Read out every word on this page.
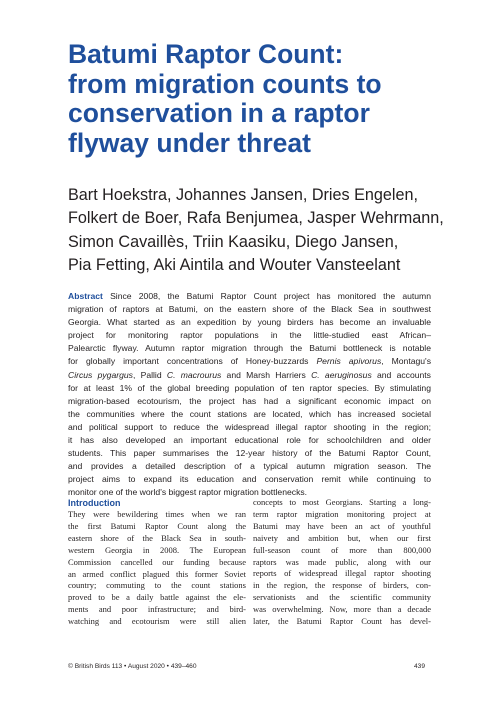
Batumi Raptor Count:
from migration counts to
conservation in a raptor
flyway under threat
Bart Hoekstra, Johannes Jansen, Dries Engelen,
Folkert de Boer, Rafa Benjumea, Jasper Wehrmann,
Simon Cavaillès, Triin Kaasiku, Diego Jansen,
Pia Fetting, Aki Aintila and Wouter Vansteelant
Abstract Since 2008, the Batumi Raptor Count project has monitored the autumn
migration of raptors at Batumi, on the eastern shore of the Black Sea in southwest
Georgia. What started as an expedition by young birders has become an invaluable
project for monitoring raptor populations in the little-studied east African–
Palearctic flyway. Autumn raptor migration through the Batumi bottleneck is notable
for globally important concentrations of Honey-buzzards Pernis apivorus, Montagu's
Circus pygargus, Pallid C. macrourus and Marsh Harriers C. aeruginosus and accounts
for at least 1% of the global breeding population of ten raptor species. By stimulating
migration-based ecotourism, the project has had a significant economic impact on
the communities where the count stations are located, which has increased societal
and political support to reduce the widespread illegal raptor shooting in the region;
it has also developed an important educational role for schoolchildren and older
students. This paper summarises the 12-year history of the Batumi Raptor Count,
and provides a detailed description of a typical autumn migration season. The
project aims to expand its education and conservation remit while continuing to
monitor one of the world's biggest raptor migration bottlenecks.
Introduction
They were bewildering times when we ran
the first Batumi Raptor Count along the
eastern shore of the Black Sea in south-
western Georgia in 2008. The European
Commission cancelled our funding because
an armed conflict plagued this former Soviet
country; commuting to the count stations
proved to be a daily battle against the ele-
ments and poor infrastructure; and bird-
watching and ecotourism were still alien
concepts to most Georgians. Starting a long-
term raptor migration monitoring project at
Batumi may have been an act of youthful
naivety and ambition but, when our first
full-season count of more than 800,000
raptors was made public, along with our
reports of widespread illegal raptor shooting
in the region, the response of birders, con-
servationists and the scientific community
was overwhelming. Now, more than a decade
later, the Batumi Raptor Count has devel-
© British Birds 113 • August 2020 • 439–460	439
